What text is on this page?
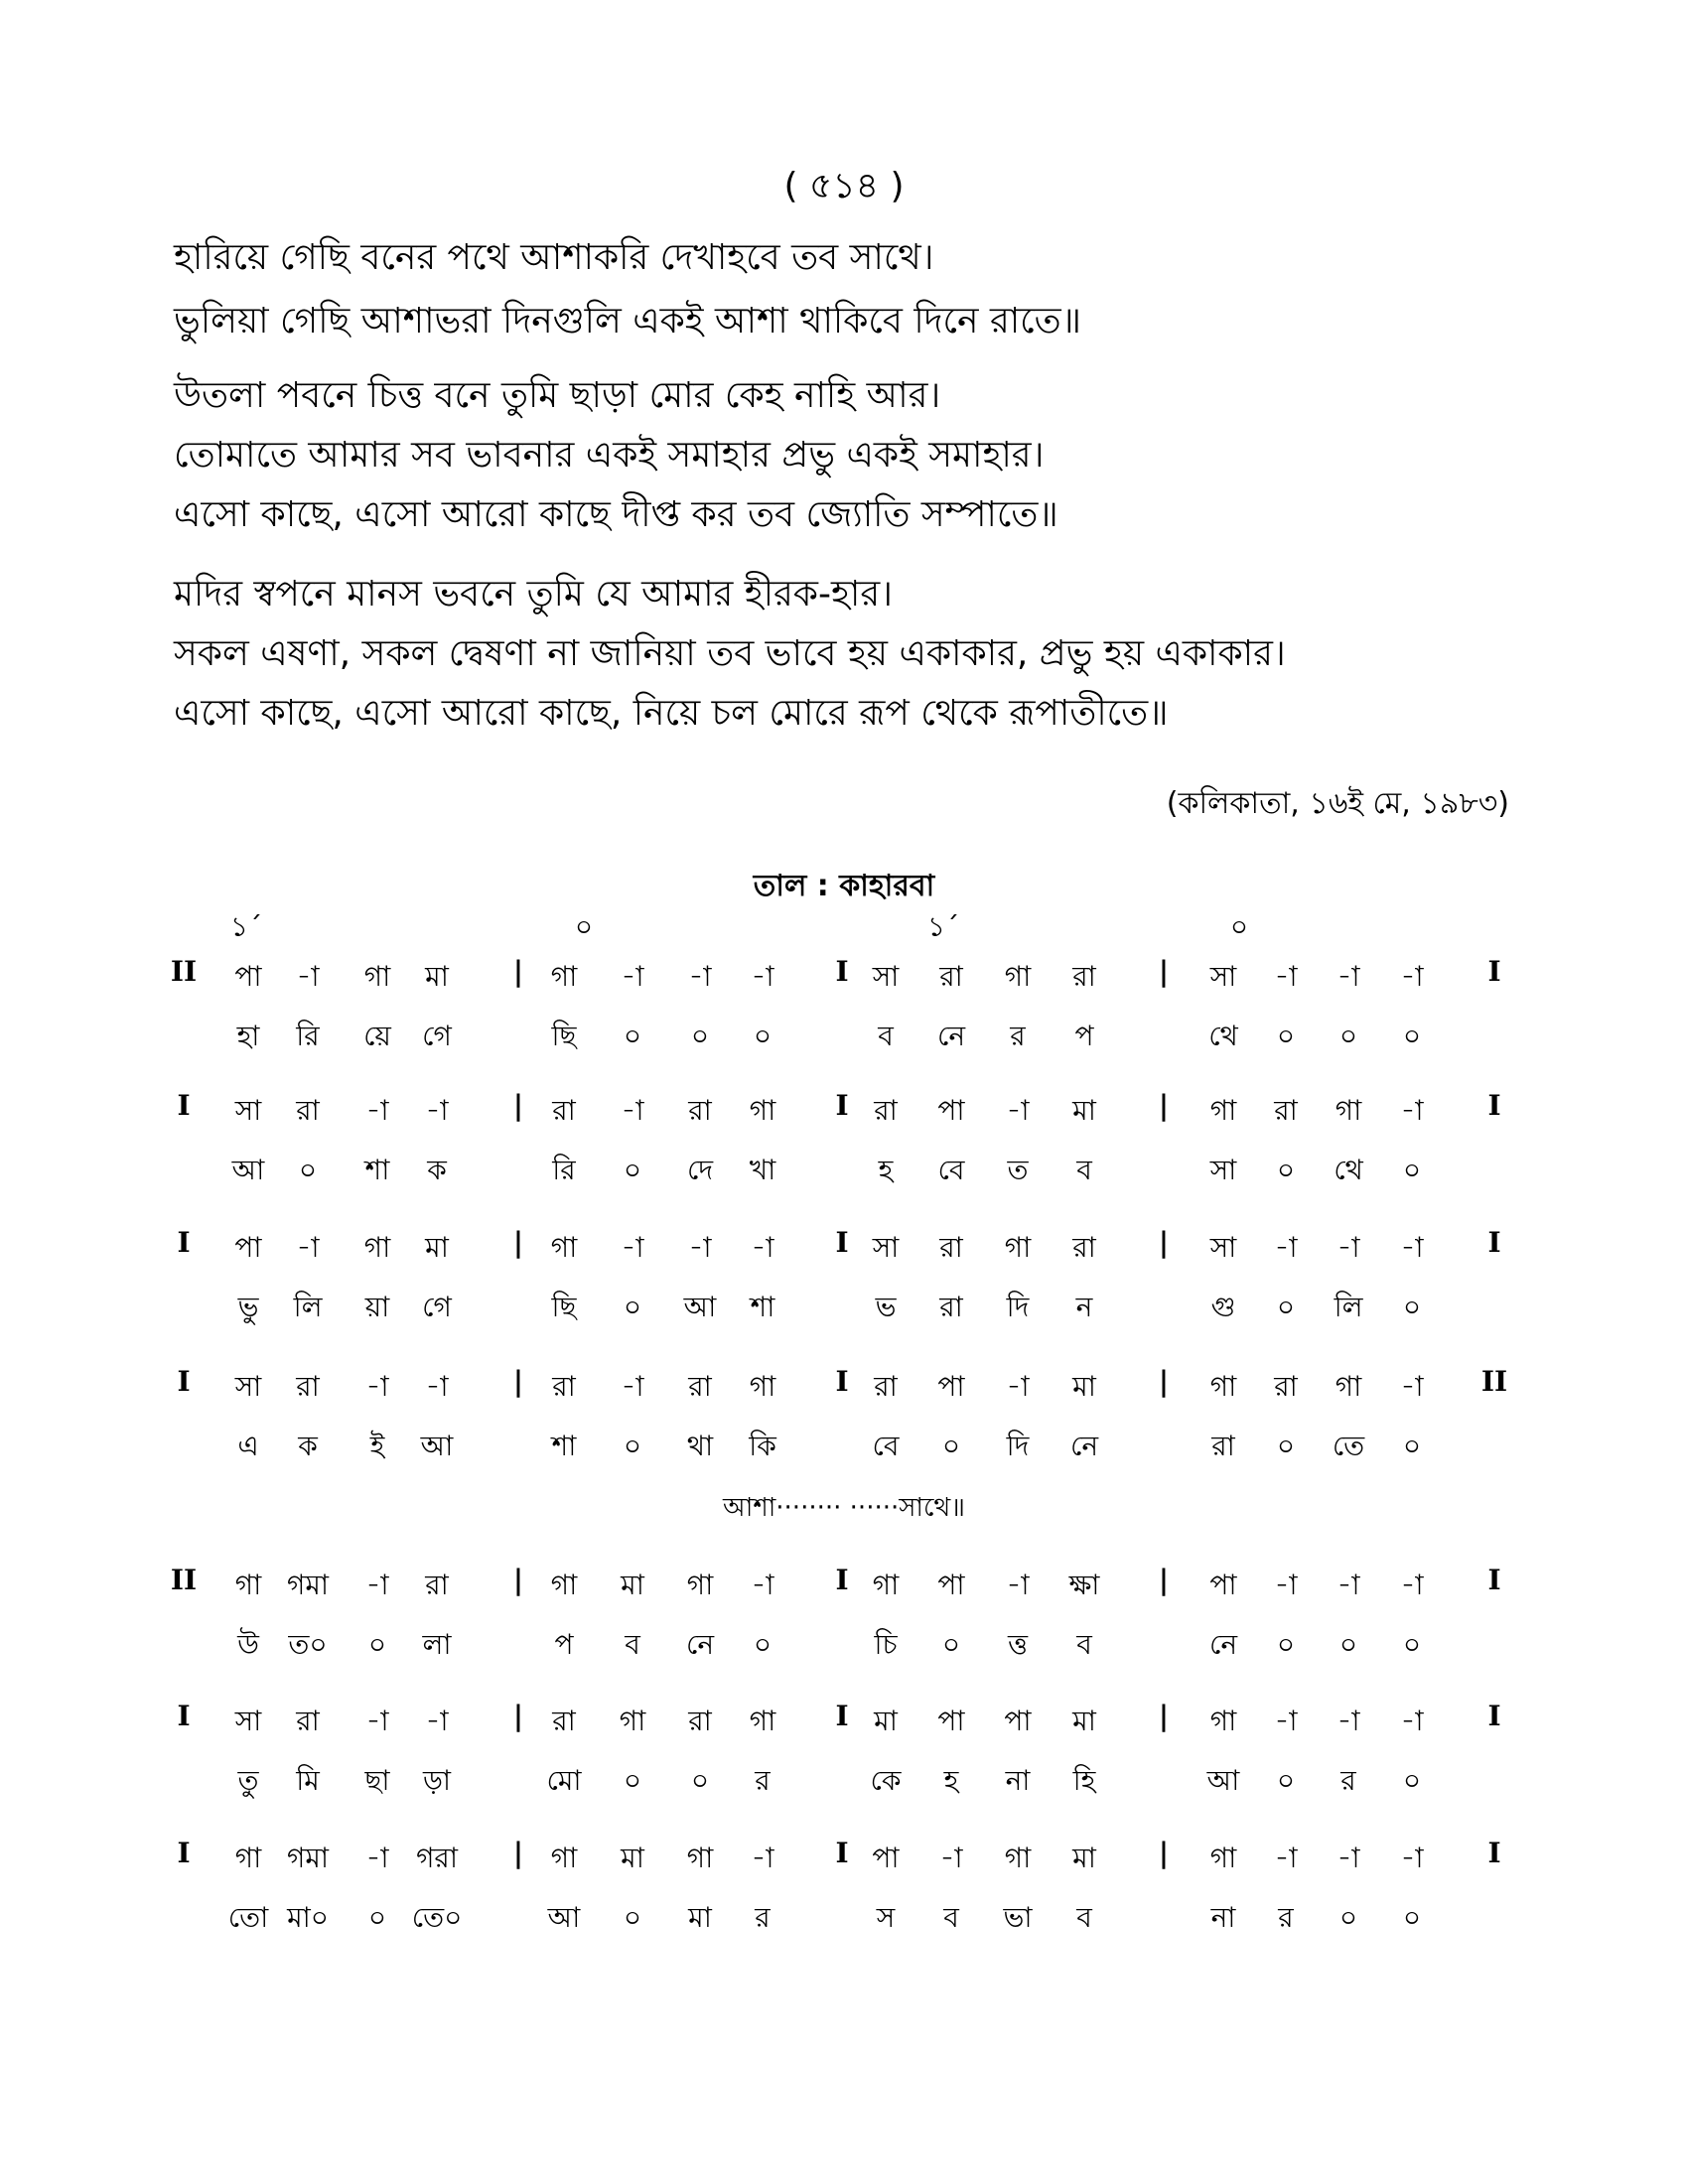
( ৫১৪ )
হারিয়ে গেছি বনের পথে আশাকরি দেখাহবে তব সাথে।
ভুলিয়া গেছি আশাভরা দিনগুলি একই আশা থাকিবে দিনে রাতে॥
উতলা পবনে চিত্ত বনে তুমি ছাড়া মোর কেহ নাহি আর।
তোমাতে আমার সব ভাবনার একই সমাহার প্রভু একই সমাহার।
এসো কাছে, এসো আরো কাছে দীপ্ত কর তব জ্যোতি সম্পাতে॥
মদির স্বপনে মানস ভবনে তুমি যে আমার হীরক-হার।
সকল এষণা, সকল দ্বেষণা না জানিয়া তব ভাবে হয় একাকার, প্রভু হয় একাকার।
এসো কাছে, এসো আরো কাছে, নিয়ে চল মোরে রূপ থেকে রূপাতীতে॥
(কলিকাতা, ১৬ই মে, ১৯৮৩)
তাল : কাহারবা
১´	০	১´	০
II পা -া গা মা | গা -া -া -া I সা রা গা রা | সা -া -া -া I
হা রি য়ে গে	ছি ০ ০ ০	ব নে র প	থে ০ ০ ০
I সা রা -া -া | রা -া রা গা I রা পা -া মা | গা রা গা -া I
আ ০ শা ক	রি ০ দে খা	হ বে ত ব	সা ০ থে ০
I পা -া গা মা | গা -া -া -া I সা রা গা রা | সা -া -া -া I
ভু লি য়া গে	ছি ০ আ শা	ভ রা দি ন	গু ০ লি ০
I সা রা -া -া | রা -া রা গা I রা পা -া মা | গা রা গা -া II
এ ক ই আ	শা ০ থা কি	বে ০ দি নে	রা ০ তে ০
II গা গমা -া রা | গা মা গা -া I গা পা -া ক্ষা | পা -া -া -া I
উ ত০ ০ লা	প ব নে ০	চি ০ ত্ত ব	নে ০ ০ ০
I সা রা -া -া | রা গা রা গা I মা পা পা মা | গা -া -া -া I
তু মি ছা ড়া	মো ০ ০ র	কে হ না হি	আ ০ র ০
I গা গমা -া গরা | গা মা গা -া I পা -া গা মা | গা -া -া -া I
তো মা০ ০ তে০	আ ০ মা র	স ব ভা ব	না র ০ ০
আশা········ ······সাথে॥
